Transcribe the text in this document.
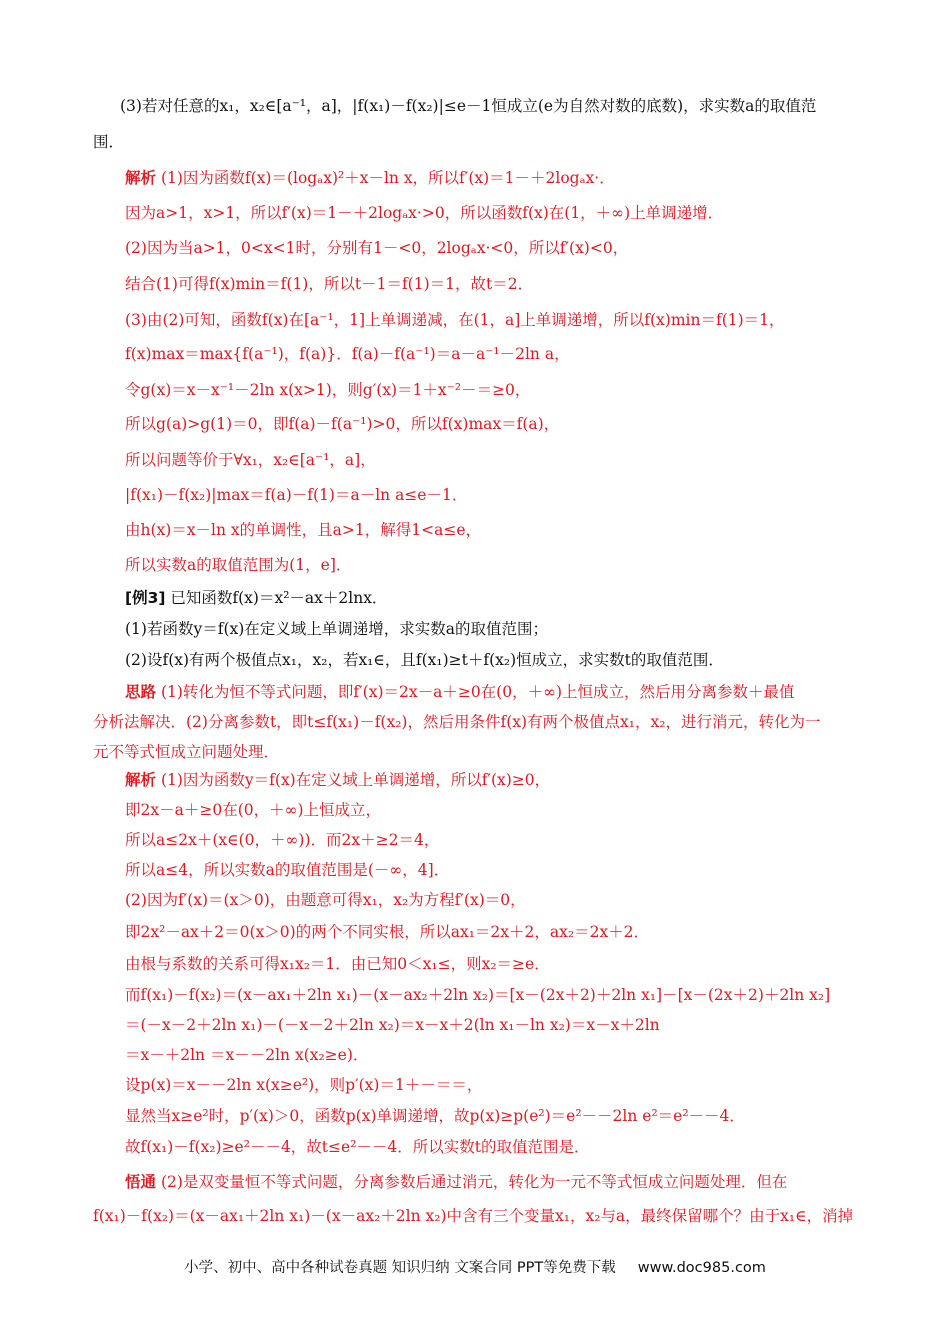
(3)若对任意的x₁，x₂∈[a⁻¹，a]，|f(x₁)－f(x₂)|≤e－1恒成立(e为自然对数的底数)，求实数a的取值范
围．
解析 (1)因为函数f(x)＝(logₐx)²＋x－ln x，所以f′(x)＝1－＋2logₐx·．
因为a>1，x>1，所以f′(x)＝1－＋2logₐx·>0，所以函数f(x)在(1，＋∞)上单调递增．
(2)因为当a>1，0<x<1时，分别有1－<0，2logₐx·<0，所以f′(x)<0，
结合(1)可得f(x)min＝f(1)，所以t－1＝f(1)＝1，故t＝2．
(3)由(2)可知，函数f(x)在[a⁻¹，1]上单调递减，在(1，a]上单调递增，所以f(x)min＝f(1)＝1，
f(x)max＝max{f(a⁻¹)，f(a)}．f(a)－f(a⁻¹)＝a－a⁻¹－2ln a，
令g(x)＝x－x⁻¹－2ln x(x>1)，则g′(x)＝1＋x⁻²－＝≥0，
所以g(a)>g(1)＝0，即f(a)－f(a⁻¹)>0，所以f(x)max＝f(a)，
所以问题等价于∀x₁，x₂∈[a⁻¹，a]，
|f(x₁)－f(x₂)|max＝f(a)－f(1)＝a－ln a≤e－1．
由h(x)＝x－ln x的单调性，且a>1，解得1<a≤e，
所以实数a的取值范围为(1，e]．
[例3] 已知函数f(x)＝x²－ax＋2lnx．
(1)若函数y＝f(x)在定义域上单调递增，求实数a的取值范围；
(2)设f(x)有两个极值点x₁，x₂，若x₁∈，且f(x₁)≥t＋f(x₂)恒成立，求实数t的取值范围．
思路 (1)转化为恒不等式问题，即f′(x)＝2x－a＋≥0在(0，＋∞)上恒成立，然后用分离参数＋最值
分析法解决．(2)分离参数t，即t≤f(x₁)－f(x₂)，然后用条件f(x)有两个极值点x₁，x₂，进行消元，转化为一
元不等式恒成立问题处理．
解析 (1)因为函数y＝f(x)在定义域上单调递增，所以f′(x)≥0，
即2x－a＋≥0在(0，＋∞)上恒成立，
所以a≤2x＋(x∈(0，＋∞))．而2x＋≥2＝4，
所以a≤4，所以实数a的取值范围是(－∞，4]．
(2)因为f′(x)＝(x＞0)，由题意可得x₁，x₂为方程f′(x)＝0，
即2x²－ax＋2＝0(x＞0)的两个不同实根，所以ax₁＝2x＋2，ax₂＝2x＋2．
由根与系数的关系可得x₁x₂＝1．由已知0＜x₁≤，则x₂＝≥e．
而f(x₁)－f(x₂)＝(x－ax₁＋2ln x₁)－(x－ax₂＋2ln x₂)＝[x－(2x＋2)＋2ln x₁]－[x－(2x＋2)＋2ln x₂]
＝(－x－2＋2ln x₁)－(－x－2＋2ln x₂)＝x－x＋2(ln x₁－ln x₂)＝x－x＋2ln
＝x－＋2ln ＝x－－2ln x(x₂≥e)．
设p(x)＝x－－2ln x(x≥e²)，则p′(x)＝1＋－＝＝，
显然当x≥e²时，p′(x)＞0，函数p(x)单调递增，故p(x)≥p(e²)＝e²－－2ln e²＝e²－－4．
故f(x₁)－f(x₂)≥e²－－4，故t≤e²－－4．所以实数t的取值范围是．
悟通 (2)是双变量恒不等式问题，分离参数后通过消元，转化为一元不等式恒成立问题处理．但在
f(x₁)－f(x₂)＝(x－ax₁＋2ln x₁)－(x－ax₂＋2ln x₂)中含有三个变量x₁，x₂与a，最终保留哪个？由于x₁∈，消掉
小学、初中、高中各种试卷真题 知识归纳 文案合同 PPT等免费下载 www.doc985.com
